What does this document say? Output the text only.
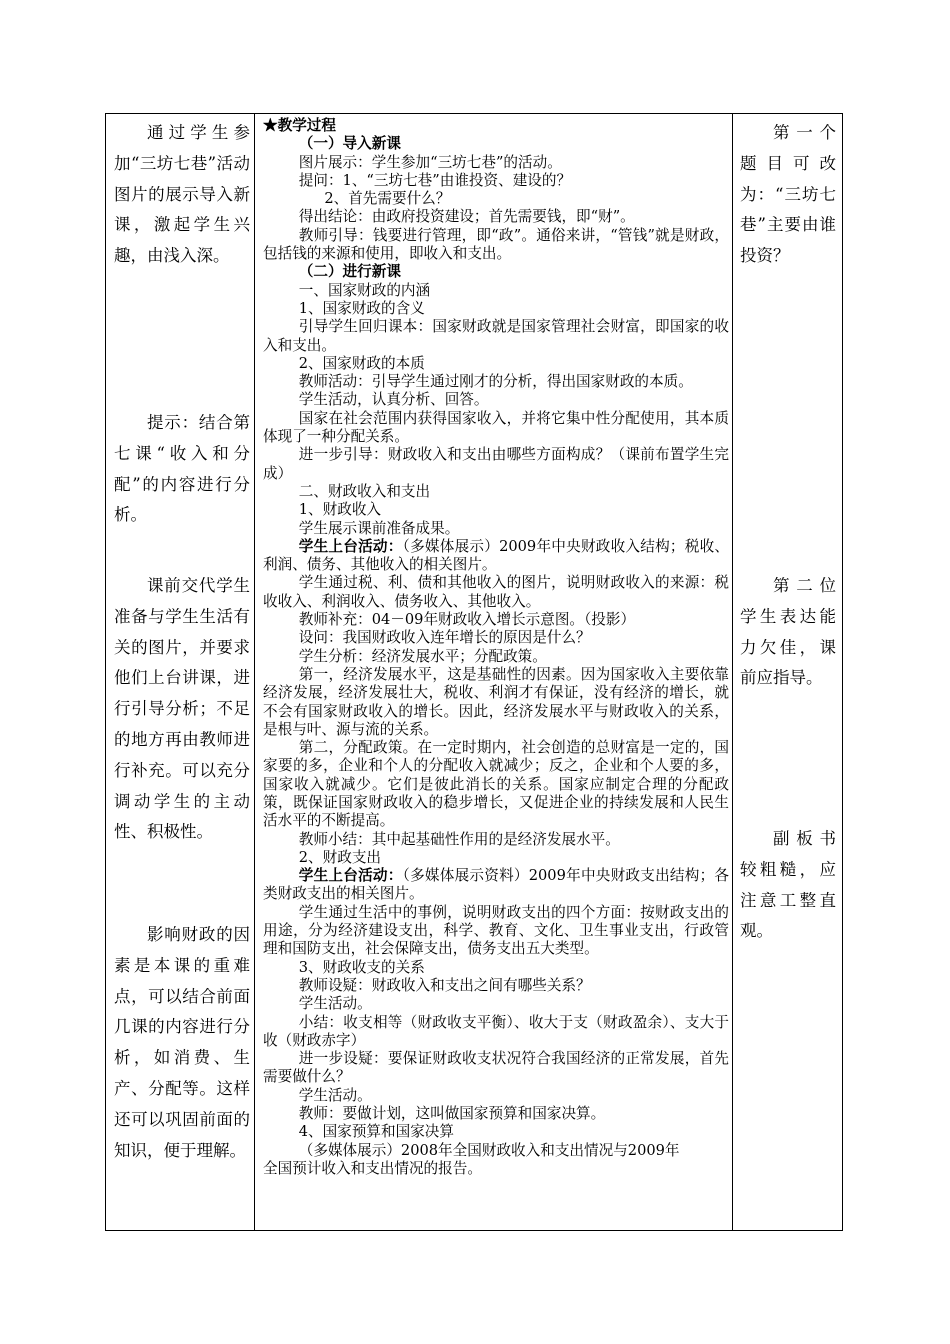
通过学生参加“三坊七巷”活动图片的展示导入新课，激起学生兴趣，由浅入深。

提示：结合第七课“收入和分配”的内容进行分析。

课前交代学生准备与学生生活有关的图片，并要求他们上台讲课，进行引导分析；不足的地方再由教师进行补充。可以充分调动学生的主动性、积极性。

影响财政的因素是本课的重难点，可以结合前面几课的内容进行分析，如消费、生产、分配等。这样还可以巩固前面的知识，便于理解。

★教学过程

（一）导入新课

图片展示：学生参加“三坊七巷”的活动。

提问：1、“三坊七巷”由谁投资、建设的？

2、首先需要什么？

得出结论：由政府投资建设；首先需要钱，即“财”。

教师引导：钱要进行管理，即“政”。通俗来讲，“管钱”就是财政，包括钱的来源和使用，即收入和支出。

（二）进行新课

一、国家财政的内涵

1、国家财政的含义

引导学生回归课本：国家财政就是国家管理社会财富，即国家的收入和支出。

2、国家财政的本质

教师活动：引导学生通过刚才的分析，得出国家财政的本质。

学生活动，认真分析、回答。

国家在社会范围内获得国家收入，并将它集中性分配使用，其本质体现了一种分配关系。

进一步引导：财政收入和支出由哪些方面构成？（课前布置学生完成）

二、财政收入和支出

1、财政收入

学生展示课前准备成果。

学生上台活动：（多媒体展示）2009年中央财政收入结构；税收、利润、债务、其他收入的相关图片。

学生通过税、利、债和其他收入的图片，说明财政收入的来源：税收收入、利润收入、债务收入、其他收入。

教师补充：04－09年财政收入增长示意图。（投影）

设问：我国财政收入连年增长的原因是什么？

学生分析：经济发展水平；分配政策。

第一，经济发展水平，这是基础性的因素。因为国家收入主要依靠经济发展，经济发展壮大，税收、利润才有保证，没有经济的增长，就不会有国家财政收入的增长。因此，经济发展水平与财政收入的关系，是根与叶、源与流的关系。

第二，分配政策。在一定时期内，社会创造的总财富是一定的，国家要的多，企业和个人的分配收入就减少；反之，企业和个人要的多，国家收入就减少。它们是彼此消长的关系。国家应制定合理的分配政策，既保证国家财政收入的稳步增长，又促进企业的持续发展和人民生活水平的不断提高。

教师小结：其中起基础性作用的是经济发展水平。

2、财政支出

学生上台活动：（多媒体展示资料）2009年中央财政支出结构；各类财政支出的相关图片。

学生通过生活中的事例，说明财政支出的四个方面：按财政支出的用途，分为经济建设支出，科学、教育、文化、卫生事业支出，行政管理和国防支出，社会保障支出，债务支出五大类型。

3、财政收支的关系

教师设疑：财政收入和支出之间有哪些关系？

学生活动。

小结：收支相等（财政收支平衡）、收大于支（财政盈余）、支大于收（财政赤字）

进一步设疑：要保证财政收支状况符合我国经济的正常发展，首先需要做什么？

学生活动。

教师：要做计划，这叫做国家预算和国家决算。

4、国家预算和国家决算

（多媒体展示）2008年全国财政收入和支出情况与2009年

全国预计收入和支出情况的报告。

第一个题目可改为：“三坊七巷”主要由谁投资？

第二位学生表达能力欠佳，课前应指导。

副板书较粗糙，应注意工整直观。
